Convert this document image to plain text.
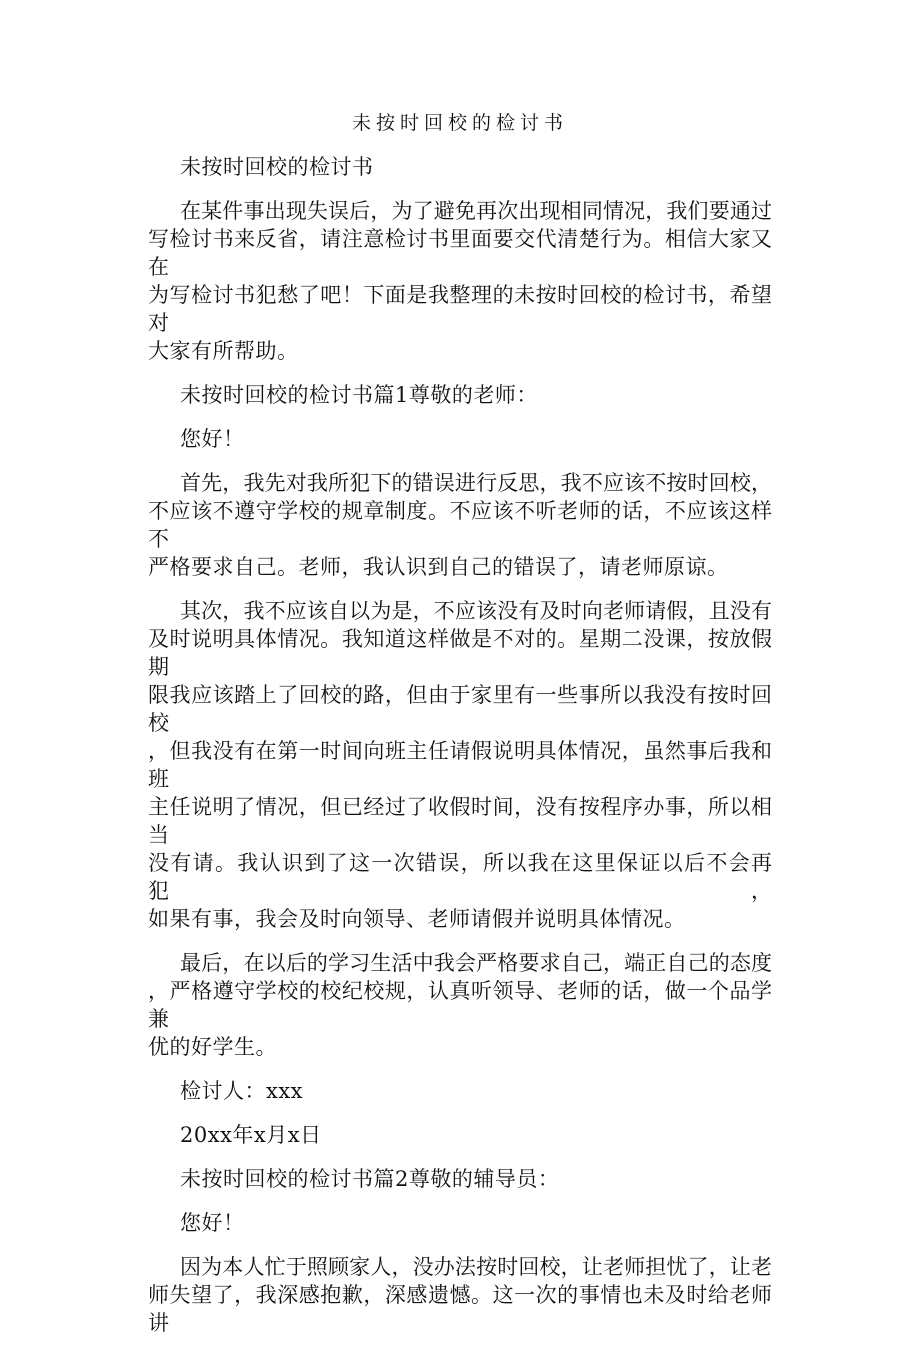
未按时回校的检讨书
未按时回校的检讨书
在某件事出现失误后，为了避免再次出现相同情况，我们要通过
写检讨书来反省，请注意检讨书里面要交代清楚行为。相信大家又在
为写检讨书犯愁了吧！下面是我整理的未按时回校的检讨书，希望对
大家有所帮助。
未按时回校的检讨书篇1尊敬的老师：
您好！
首先，我先对我所犯下的错误进行反思，我不应该不按时回校，
不应该不遵守学校的规章制度。不应该不听老师的话，不应该这样不
严格要求自己。老师，我认识到自己的错误了，请老师原谅。
其次，我不应该自以为是，不应该没有及时向老师请假，且没有
及时说明具体情况。我知道这样做是不对的。星期二没课，按放假期
限我应该踏上了回校的路，但由于家里有一些事所以我没有按时回校
，但我没有在第一时间向班主任请假说明具体情况，虽然事后我和班
主任说明了情况，但已经过了收假时间，没有按程序办事，所以相当
没有请。我认识到了这一次错误，所以我在这里保证以后不会再犯，
如果有事，我会及时向领导、老师请假并说明具体情况。
最后，在以后的学习生活中我会严格要求自己，端正自己的态度
，严格遵守学校的校纪校规，认真听领导、老师的话，做一个品学兼
优的好学生。
检讨人：xxx
20xx年x月x日
未按时回校的检讨书篇2尊敬的辅导员：
您好！
因为本人忙于照顾家人，没办法按时回校，让老师担忧了，让老
师失望了，我深感抱歉，深感遗憾。这一次的事情也未及时给老师讲
